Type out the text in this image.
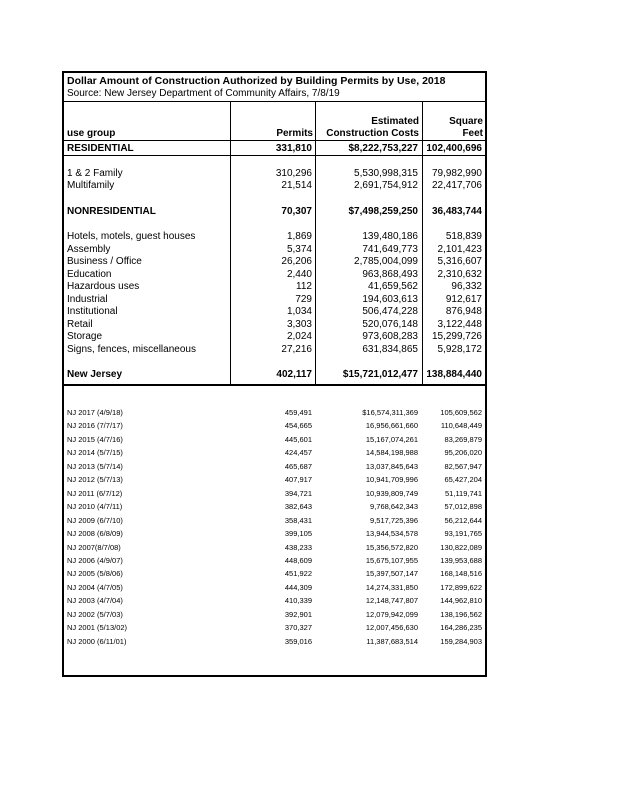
Dollar Amount of Construction Authorized by Building Permits by Use, 2018
Source: New Jersey Department of Community Affairs, 7/8/19
use group	Permits
Estimated
Construction Costs
Square
Feet
RESIDENTIAL	331,810	$8,222,753,227 102,400,696
1 & 2 Family	310,296	5,530,998,315 79,982,990
Multifamily	21,514	2,691,754,912 22,417,706
NONRESIDENTIAL	70,307	$7,498,259,250 36,483,744
Hotels, motels, guest houses	1,869	139,480,186	518,839
Assembly	5,374	741,649,773 2,101,423
Business / Office	26,206	2,785,004,099 5,316,607
Education	2,440	963,868,493 2,310,632
Hazardous uses	112	41,659,562	96,332
Industrial	729	194,603,613	912,617
Institutional	1,034	506,474,228	876,948
Retail	3,303	520,076,148 3,122,448
Storage	2,024	973,608,283 15,299,726
Signs, fences, miscellaneous	27,216	631,834,865 5,928,172
New Jersey	402,117	$15,721,012,477 138,884,440
NJ 2017 (4/9/18)	459,491	$16,574,311,369	105,609,562
NJ 2016 (7/7/17)	454,665	16,956,661,660	110,648,449
NJ 2015 (4/7/16)	445,601	15,167,074,261	83,269,879
NJ 2014 (5/7/15)	424,457	14,584,198,988	95,206,020
NJ 2013 (5/7/14)	465,687	13,037,845,643	82,567,947
NJ 2012 (5/7/13)	407,917	10,941,709,996	65,427,204
NJ 2011 (6/7/12)	394,721	10,939,809,749	51,119,741
NJ 2010 (4/7/11)	382,643	9,768,642,343	57,012,898
NJ 2009 (6/7/10)	358,431	9,517,725,396	56,212,644
NJ 2008 (6/8/09)	399,105	13,944,534,578	93,191,765
NJ 2007(8/7/08)	438,233	15,356,572,820	130,822,089
NJ 2006 (4/9/07)	448,609	15,675,107,955	139,953,688
NJ 2005 (5/8/06)	451,922	15,397,507,147	168,148,516
NJ 2004 (4/7/05)	444,309	14,274,331,850	172,899,622
NJ 2003 (4/7/04)	410,339	12,148,747,807	144,962,810
NJ 2002 (5/7/03)	392,901	12,079,942,099	138,196,562
NJ 2001 (5/13/02)	370,327	12,007,456,630	164,286,235
NJ 2000 (6/11/01)	359,016	11,387,683,514	159,284,903
